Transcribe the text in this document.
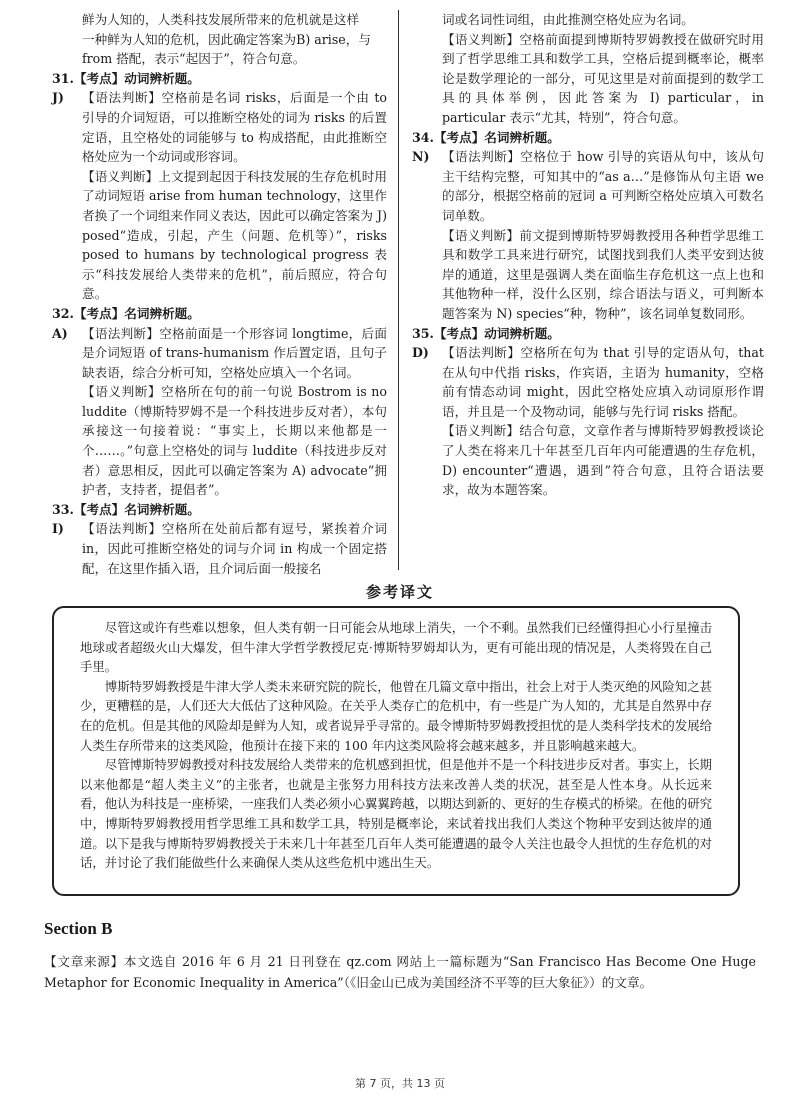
鲜为人知的，人类科技发展所带来的危机就是这样
一种鲜为人知的危机，因此确定答案为B) arise，与
from 搭配，表示“起因于”，符合句意。

31.【考点】动词辨析题。

J) 【语法判断】空格前是名词 risks，后面是一个由 to 引导的介词短语，可以推断空格处的词为 risks 的后置定语，且空格处的词能够与 to 构成搭配，由此推断空格处应为一个动词或形容词。

【语义判断】上文提到起因于科技发展的生存危机时用了动词短语 arise from human technology，这里作者换了一个词组来作同义表达，因此可以确定答案为 J) posed“造成，引起，产生（问题、危机等）”，risks posed to humans by technological progress 表示“科技发展给人类带来的危机”，前后照应，符合句意。

32.【考点】名词辨析题。

A) 【语法判断】空格前面是一个形容词 longtime，后面是介词短语 of trans-humanism 作后置定语，且句子缺表语，综合分析可知，空格处应填入一个名词。

【语义判断】空格所在句的前一句说 Bostrom is no luddite（博斯特罗姆不是一个科技进步反对者），本句承接这一句接着说：“事实上，长期以来他都是一个……。”句意上空格处的词与 luddite（科技进步反对者）意思相反，因此可以确定答案为 A) advocate“拥护者，支持者，提倡者”。

33.【考点】名词辨析题。

I) 【语法判断】空格所在处前后都有逗号，紧挨着介词 in，因此可推断空格处的词与介词 in 构成一个固定搭配，在这里作插入语，且介词后面一般接名

词或名词性词组，由此推测空格处应为名词。

【语义判断】空格前面提到博斯特罗姆教授在做研究时用到了哲学思维工具和数学工具，空格后提到概率论，概率论是数学理论的一部分，可见这里是对前面提到的数学工具的具体举例，因此答案为 I) particular，in particular 表示“尤其，特别”，符合句意。

34.【考点】名词辨析题。

N) 【语法判断】空格位于 how 引导的宾语从句中，该从句主干结构完整，可知其中的“as a…”是修饰从句主语 we 的部分，根据空格前的冠词 a 可判断空格处应填入可数名词单数。

【语义判断】前文提到博斯特罗姆教授用各种哲学思维工具和数学工具来进行研究，试图找到我们人类平安到达彼岸的通道，这里是强调人类在面临生存危机这一点上也和其他物种一样，没什么区别，综合语法与语义，可判断本题答案为 N) species“种，物种”，该名词单复数同形。

35.【考点】动词辨析题。

D) 【语法判断】空格所在句为 that 引导的定语从句，that 在从句中代指 risks，作宾语，主语为 humanity，空格前有情态动词 might，因此空格处应填入动词原形作谓语，并且是一个及物动词，能够与先行词 risks 搭配。

【语义判断】结合句意，文章作者与博斯特罗姆教授谈论了人类在将来几十年甚至几百年内可能遭遇的生存危机，D) encounter“遭遇，遇到”符合句意，且符合语法要求，故为本题答案。

参考译文

尽管这或许有些难以想象，但人类有朝一日可能会从地球上消失，一个不剩。虽然我们已经懂得担心小行星撞击地球或者超级火山大爆发，但牛津大学哲学教授尼克·博斯特罗姆却认为，更有可能出现的情况是，人类将毁在自己手里。

博斯特罗姆教授是牛津大学人类未来研究院的院长，他曾在几篇文章中指出，社会上对于人类灭绝的风险知之甚少，更糟糕的是，人们还大大低估了这种风险。在关乎人类存亡的危机中，有一些是广为人知的，尤其是自然界中存在的危机。但是其他的风险却是鲜为人知，或者说异乎寻常的。最令博斯特罗姆教授担忧的是人类科学技术的发展给人类生存所带来的这类风险，他预计在接下来的 100 年内这类风险将会越来越多，并且影响越来越大。

尽管博斯特罗姆教授对科技发展给人类带来的危机感到担忧，但是他并不是一个科技进步反对者。事实上，长期以来他都是“超人类主义”的主张者，也就是主张努力用科技方法来改善人类的状况，甚至是人性本身。从长远来看，他认为科技是一座桥梁，一座我们人类必须小心翼翼跨越，以期达到新的、更好的生存模式的桥梁。在他的研究中，博斯特罗姆教授用哲学思维工具和数学工具，特别是概率论，来试着找出我们人类这个物种平安到达彼岸的通道。以下是我与博斯特罗姆教授关于未来几十年甚至几百年人类可能遭遇的最令人关注也最令人担忧的生存危机的对话，并讨论了我们能做些什么来确保人类从这些危机中逃出生天。

Section B
【文章来源】本文选自 2016 年 6 月 21 日刊登在 qz.com 网站上一篇标题为“San Francisco Has Become One Huge Metaphor for Economic Inequality in America”（《旧金山已成为美国经济不平等的巨大象征》）的文章。
第 7 页，共 13 页
